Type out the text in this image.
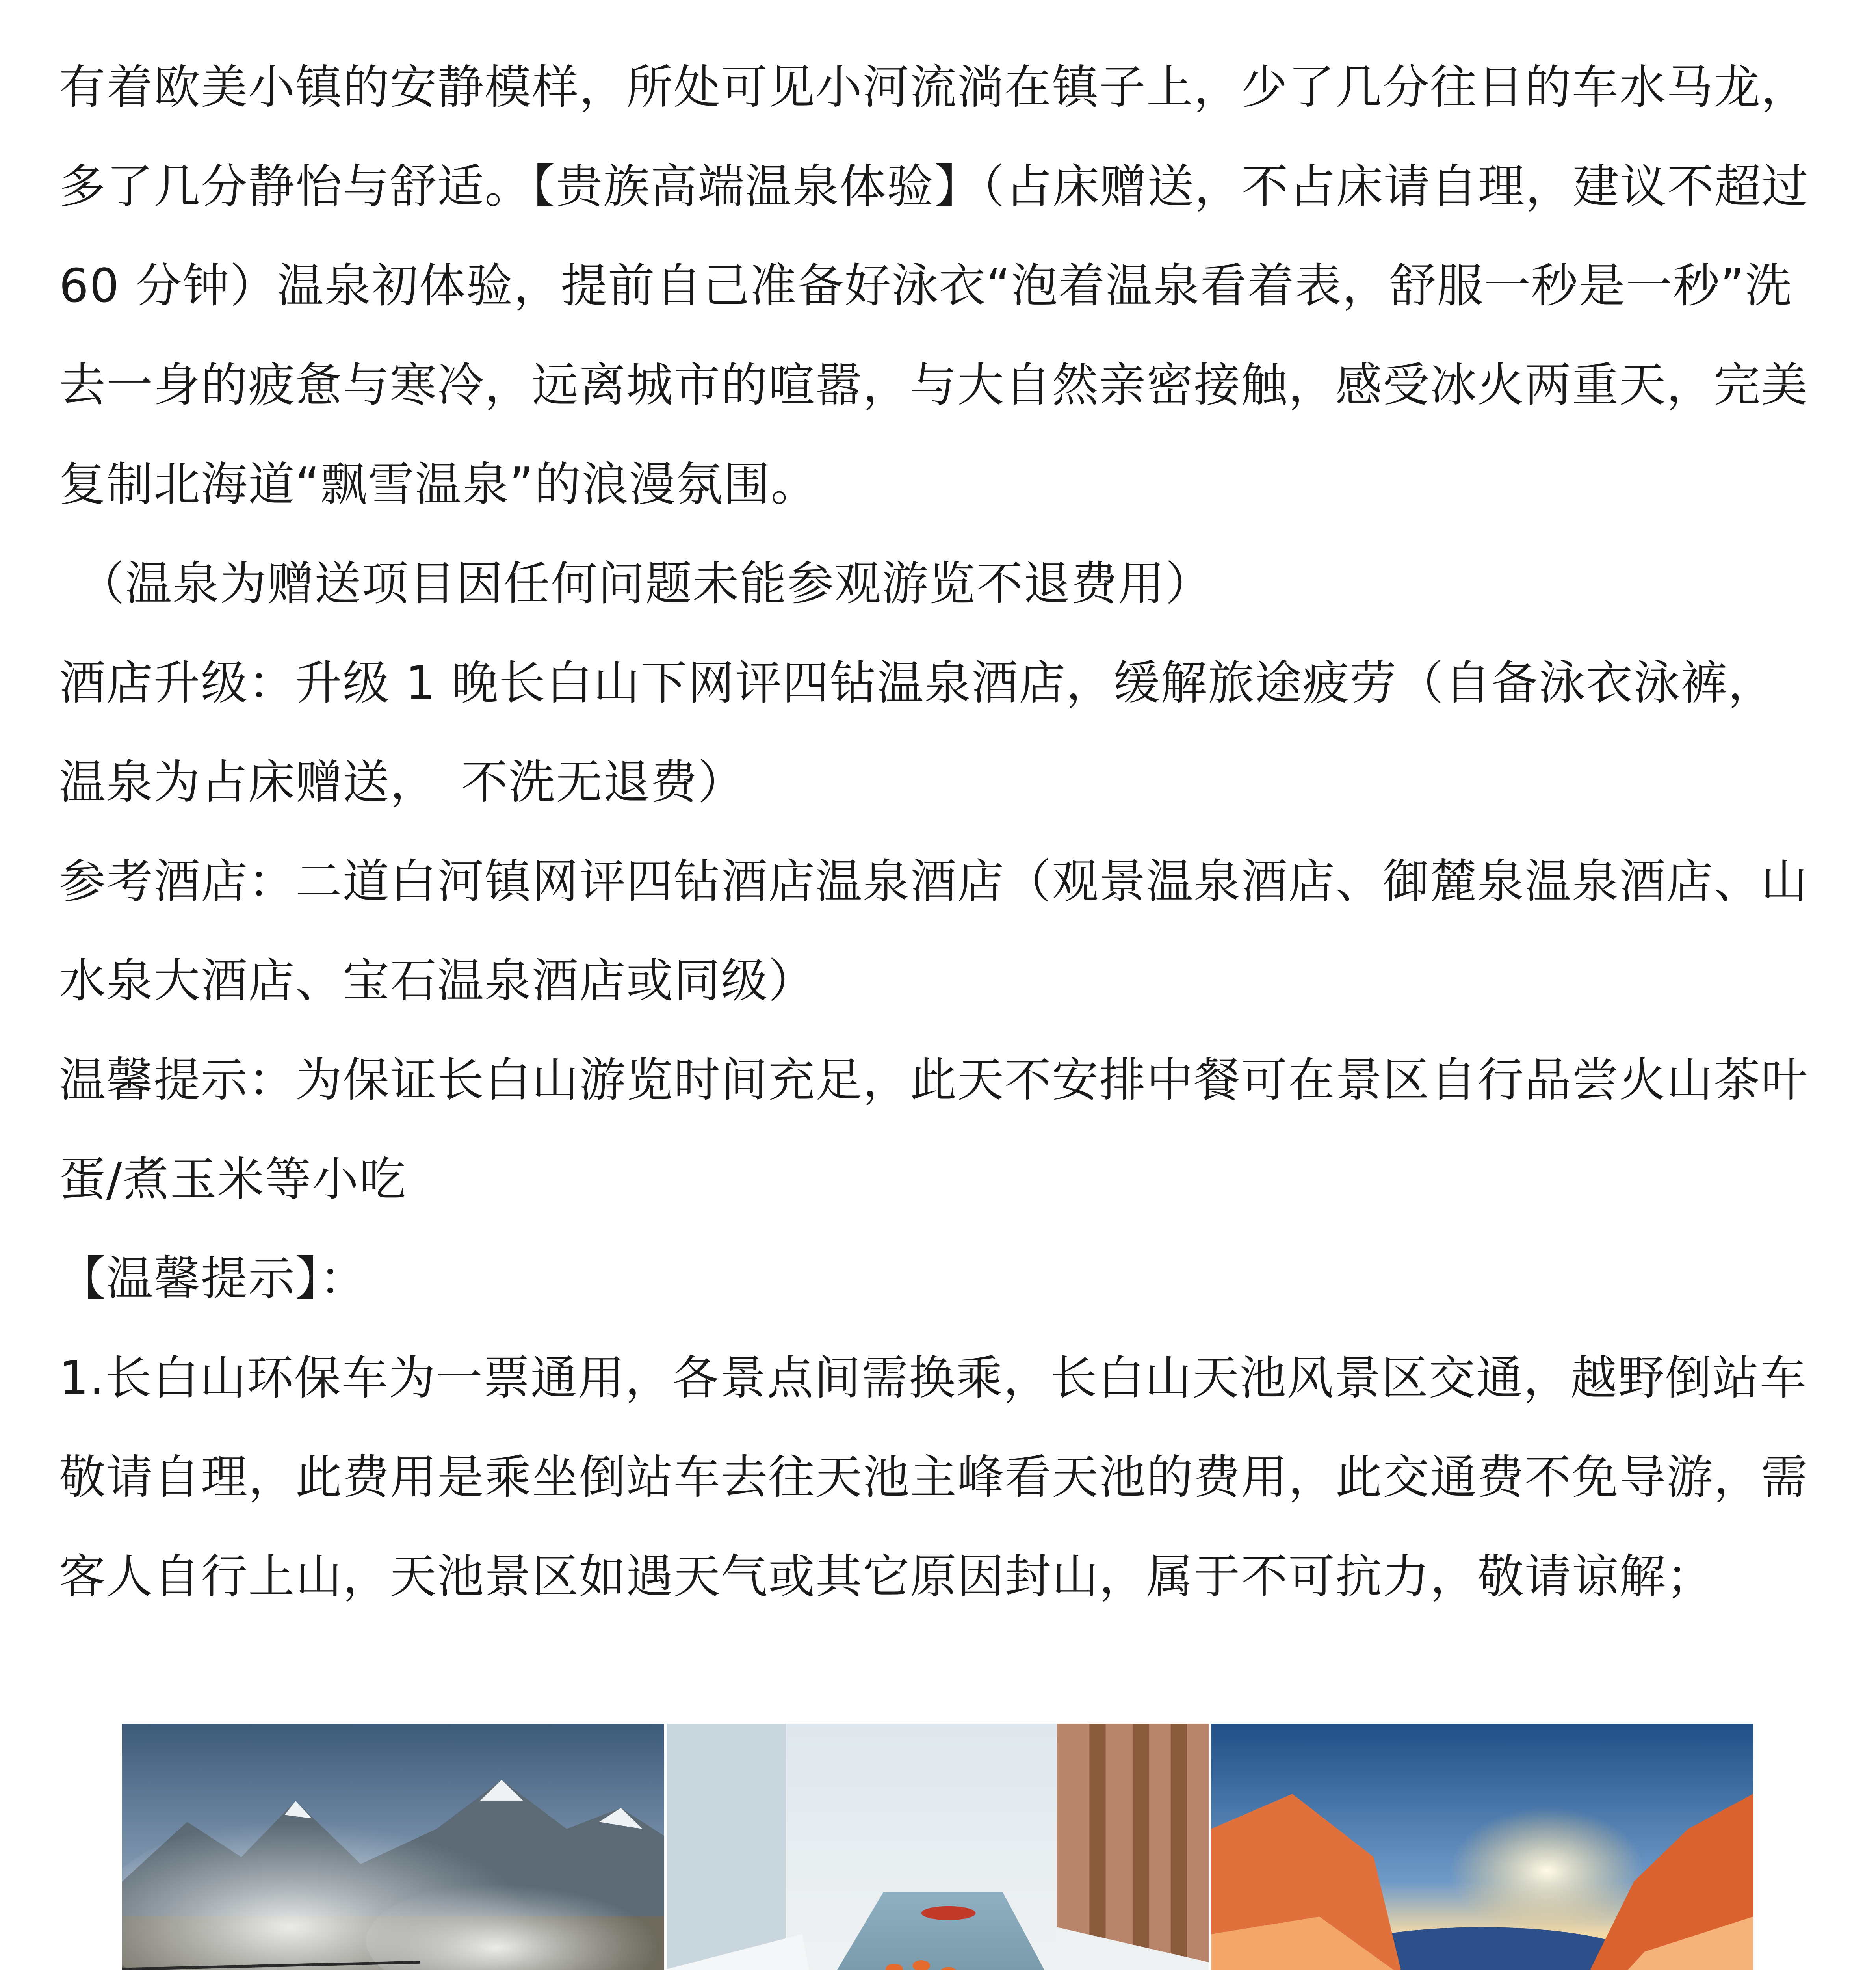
有着欧美小镇的安静模样，所处可见小河流淌在镇子上，少了几分往日的车水马龙，多了几分静怡与舒适。【贵族高端温泉体验】（占床赠送，不占床请自理，建议不超过 60 分钟）温泉初体验，提前自己准备好泳衣“泡着温泉看着表，舒服一秒是一秒”洗去一身的疲惫与寒冷，远离城市的喧嚣，与大自然亲密接触，感受冰火两重天，完美复制北海道“飘雪温泉”的浪漫氛围。

（温泉为赠送项目因任何问题未能参观游览不退费用）

酒店升级：升级 1 晚长白山下网评四钻温泉酒店，缓解旅途疲劳（自备泳衣泳裤，温泉为占床赠送，　不洗无退费）

参考酒店：二道白河镇网评四钻酒店温泉酒店（观景温泉酒店、御麓泉温泉酒店、山水泉大酒店、宝石温泉酒店或同级）

温馨提示：为保证长白山游览时间充足，此天不安排中餐可在景区自行品尝火山茶叶蛋/煮玉米等小吃

【温馨提示】：

1.长白山环保车为一票通用，各景点间需换乘，长白山天池风景区交通，越野倒站车敬请自理，此费用是乘坐倒站车去往天池主峰看天池的费用，此交通费不免导游，需客人自行上山，天池景区如遇天气或其它原因封山，属于不可抗力，敬请谅解；
